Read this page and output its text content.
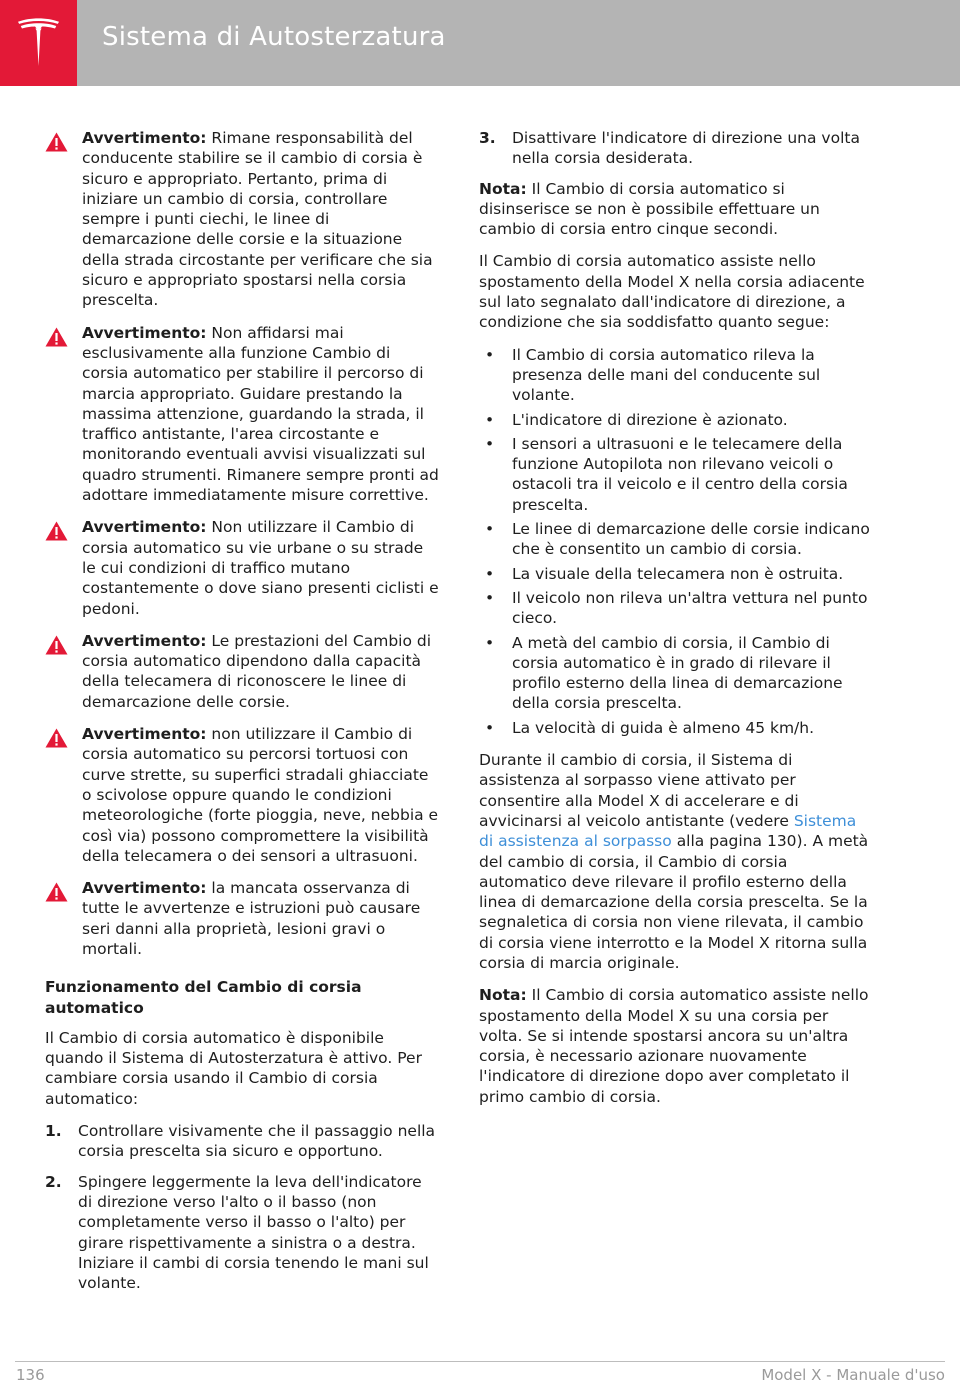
Sistema di Autosterzatura

Avvertimento: Rimane responsabilità del conducente stabilire se il cambio di corsia è sicuro e appropriato. Pertanto, prima di iniziare un cambio di corsia, controllare sempre i punti ciechi, le linee di demarcazione delle corsie e la situazione della strada circostante per verificare che sia sicuro e appropriato spostarsi nella corsia prescelta.

Avvertimento: Non affidarsi mai esclusivamente alla funzione Cambio di corsia automatico per stabilire il percorso di marcia appropriato. Guidare prestando la massima attenzione, guardando la strada, il traffico antistante, l'area circostante e monitorando eventuali avvisi visualizzati sul quadro strumenti. Rimanere sempre pronti ad adottare immediatamente misure correttive.

Avvertimento: Non utilizzare il Cambio di corsia automatico su vie urbane o su strade le cui condizioni di traffico mutano costantemente o dove siano presenti ciclisti e pedoni.

Avvertimento: Le prestazioni del Cambio di corsia automatico dipendono dalla capacità della telecamera di riconoscere le linee di demarcazione delle corsie.

Avvertimento: non utilizzare il Cambio di corsia automatico su percorsi tortuosi con curve strette, su superfici stradali ghiacciate o scivolose oppure quando le condizioni meteorologiche (forte pioggia, neve, nebbia e così via) possono compromettere la visibilità della telecamera o dei sensori a ultrasuoni.

Avvertimento: la mancata osservanza di tutte le avvertenze e istruzioni può causare seri danni alla proprietà, lesioni gravi o mortali.

Funzionamento del Cambio di corsia automatico

Il Cambio di corsia automatico è disponibile quando il Sistema di Autosterzatura è attivo. Per cambiare corsia usando il Cambio di corsia automatico:

1. Controllare visivamente che il passaggio nella corsia prescelta sia sicuro e opportuno.
2. Spingere leggermente la leva dell'indicatore di direzione verso l'alto o il basso (non completamente verso il basso o l'alto) per girare rispettivamente a sinistra o a destra. Iniziare il cambi di corsia tenendo le mani sul volante.
3. Disattivare l'indicatore di direzione una volta nella corsia desiderata.

Nota: Il Cambio di corsia automatico si disinserisce se non è possibile effettuare un cambio di corsia entro cinque secondi.

Il Cambio di corsia automatico assiste nello spostamento della Model X nella corsia adiacente sul lato segnalato dall'indicatore di direzione, a condizione che sia soddisfatto quanto segue:

• Il Cambio di corsia automatico rileva la presenza delle mani del conducente sul volante.
• L'indicatore di direzione è azionato.
• I sensori a ultrasuoni e le telecamere della funzione Autopilota non rilevano veicoli o ostacoli tra il veicolo e il centro della corsia prescelta.
• Le linee di demarcazione delle corsie indicano che è consentito un cambio di corsia.
• La visuale della telecamera non è ostruita.
• Il veicolo non rileva un'altra vettura nel punto cieco.
• A metà del cambio di corsia, il Cambio di corsia automatico è in grado di rilevare il profilo esterno della linea di demarcazione della corsia prescelta.
• La velocità di guida è almeno 45 km/h.

Durante il cambio di corsia, il Sistema di assistenza al sorpasso viene attivato per consentire alla Model X di accelerare e di avvicinarsi al veicolo antistante (vedere Sistema di assistenza al sorpasso alla pagina 130). A metà del cambio di corsia, il Cambio di corsia automatico deve rilevare il profilo esterno della linea di demarcazione della corsia prescelta. Se la segnaletica di corsia non viene rilevata, il cambio di corsia viene interrotto e la Model X ritorna sulla corsia di marcia originale.

Nota: Il Cambio di corsia automatico assiste nello spostamento della Model X su una corsia per volta. Se si intende spostarsi ancora su un'altra corsia, è necessario azionare nuovamente l'indicatore di direzione dopo aver completato il primo cambio di corsia.

136	Model X - Manuale d'uso
